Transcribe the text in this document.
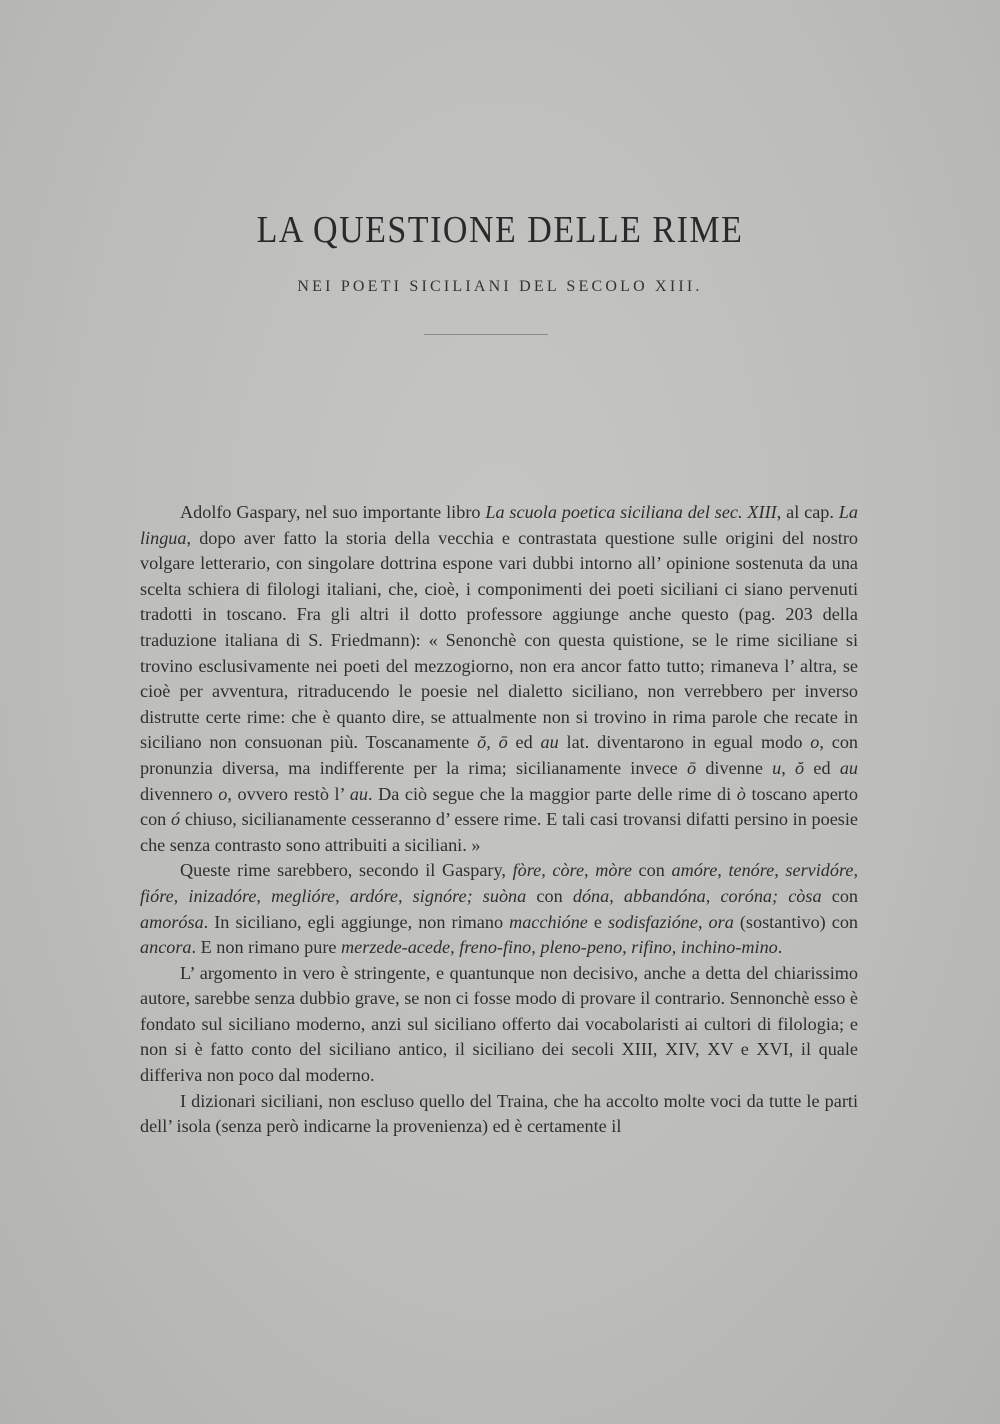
LA QUESTIONE DELLE RIME
NEI POETI SICILIANI DEL SECOLO XIII.

Adolfo Gaspary, nel suo importante libro La scuola poetica siciliana del sec. XIII, al cap. La lingua, dopo aver fatto la storia della vecchia e contrastata questione sulle origini del nostro volgare letterario, con singolare dottrina espone vari dubbi intorno all’ opinione sostenuta da una scelta schiera di filologi italiani, che, cioè, i componimenti dei poeti siciliani ci siano pervenuti tradotti in toscano. Fra gli altri il dotto professore aggiunge anche questo (pag. 203 della traduzione italiana di S. Friedmann): « Senonchè con questa quistione, se le rime siciliane si trovino esclusivamente nei poeti del mezzogiorno, non era ancor fatto tutto; rimaneva l’ altra, se cioè per avventura, ritraducendo le poesie nel dialetto siciliano, non verrebbero per inverso distrutte certe rime: che è quanto dire, se attualmente non si trovino in rima parole che recate in siciliano non consuonan più. Toscanamente ŏ, ō ed au lat. diventarono in egual modo o, con pronunzia diversa, ma indifferente per la rima; sicilianamente invece ō divenne u, ŏ ed au divennero o, ovvero restò l’ au. Da ciò segue che la maggior parte delle rime di ò toscano aperto con ó chiuso, sicilianamente cesseranno d’ essere rime. E tali casi trovansi difatti persino in poesie che senza contrasto sono attribuiti a siciliani. »

Queste rime sarebbero, secondo il Gaspary, fòre, còre, mòre con amóre, tenóre, servidóre, fióre, inizadóre, meglióre, ardóre, signóre; suòna con dóna, abbandóna, coróna; còsa con amorósa. In siciliano, egli aggiunge, non rimano macchióne e sodisfazióne, ora (sostantivo) con ancora. E non rimano pure merzede-acede, freno-fino, pleno-peno, rifino, inchino-mino.

L’ argomento in vero è stringente, e quantunque non decisivo, anche a detta del chiarissimo autore, sarebbe senza dubbio grave, se non ci fosse modo di provare il contrario. Sennonchè esso è fondato sul siciliano moderno, anzi sul siciliano offerto dai vocabolaristi ai cultori di filologia; e non si è fatto conto del siciliano antico, il siciliano dei secoli XIII, XIV, XV e XVI, il quale differiva non poco dal moderno.

I dizionari siciliani, non escluso quello del Traina, che ha accolto molte voci da tutte le parti dell’ isola (senza però indicarne la provenienza) ed è certamente il
